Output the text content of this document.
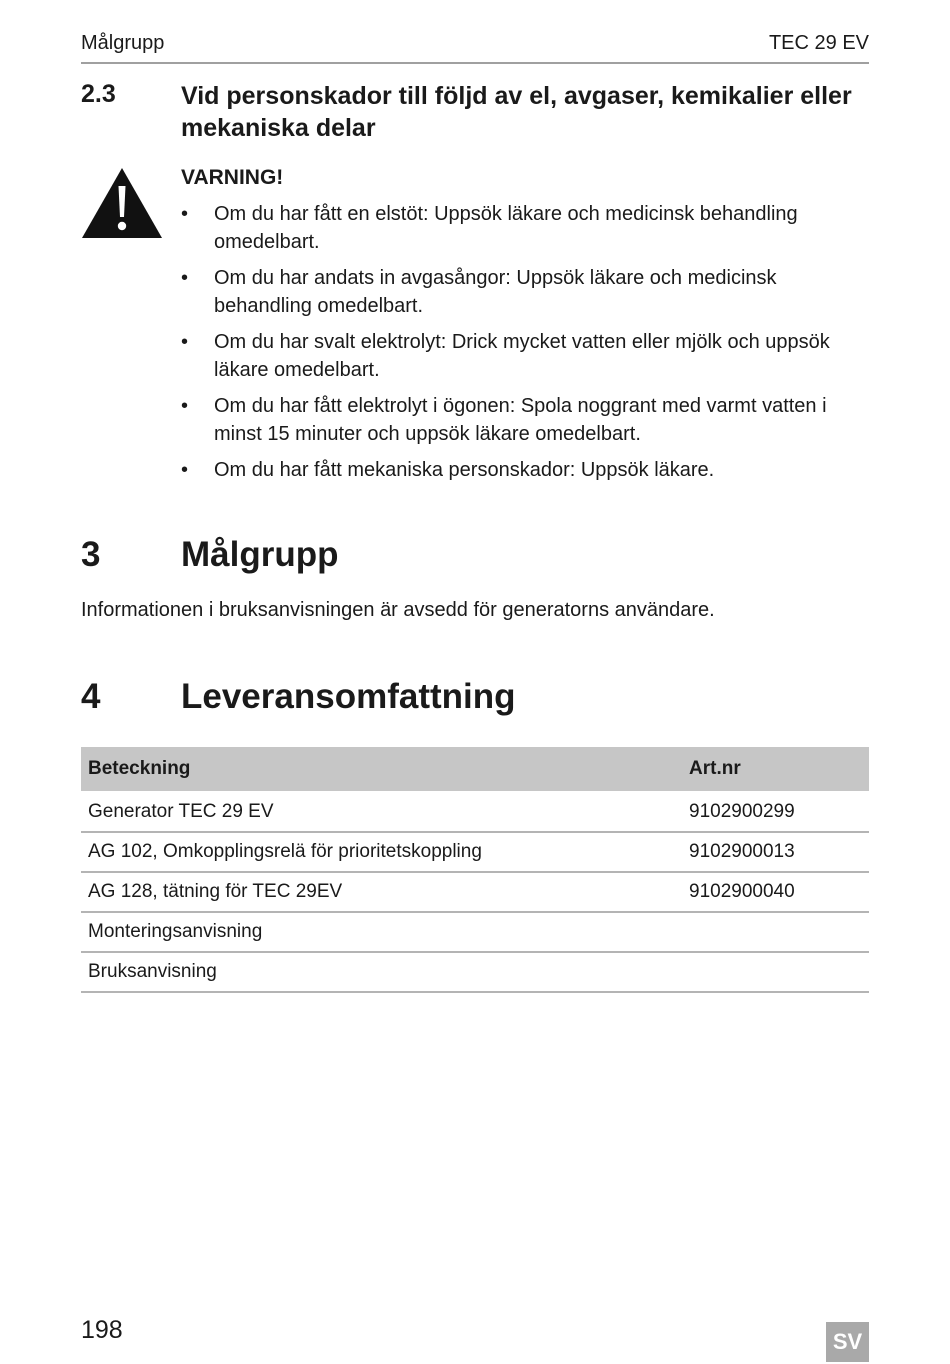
Målgrupp	TEC 29 EV
2.3	Vid personskador till följd av el, avgaser, kemikalier eller mekaniska delar
VARNING!
• Om du har fått en elstöt: Uppsök läkare och medicinsk behandling omedelbart.
• Om du har andats in avgasångor: Uppsök läkare och medicinsk behandling omedelbart.
• Om du har svalt elektrolyt: Drick mycket vatten eller mjölk och uppsök läkare omedelbart.
• Om du har fått elektrolyt i ögonen: Spola noggrant med varmt vatten i minst 15 minuter och uppsök läkare omedelbart.
• Om du har fått mekaniska personskador: Uppsök läkare.
3 Målgrupp
Informationen i bruksanvisningen är avsedd för generatorns användare.
4 Leveransomfattning
Beteckning	Art.nr
Generator TEC 29 EV	9102900299
AG 102, Omkopplingsrelä för prioritetskoppling	9102900013
AG 128, tätning för TEC 29EV	9102900040
Monteringsanvisning	
Bruksanvisning	
198	SV
